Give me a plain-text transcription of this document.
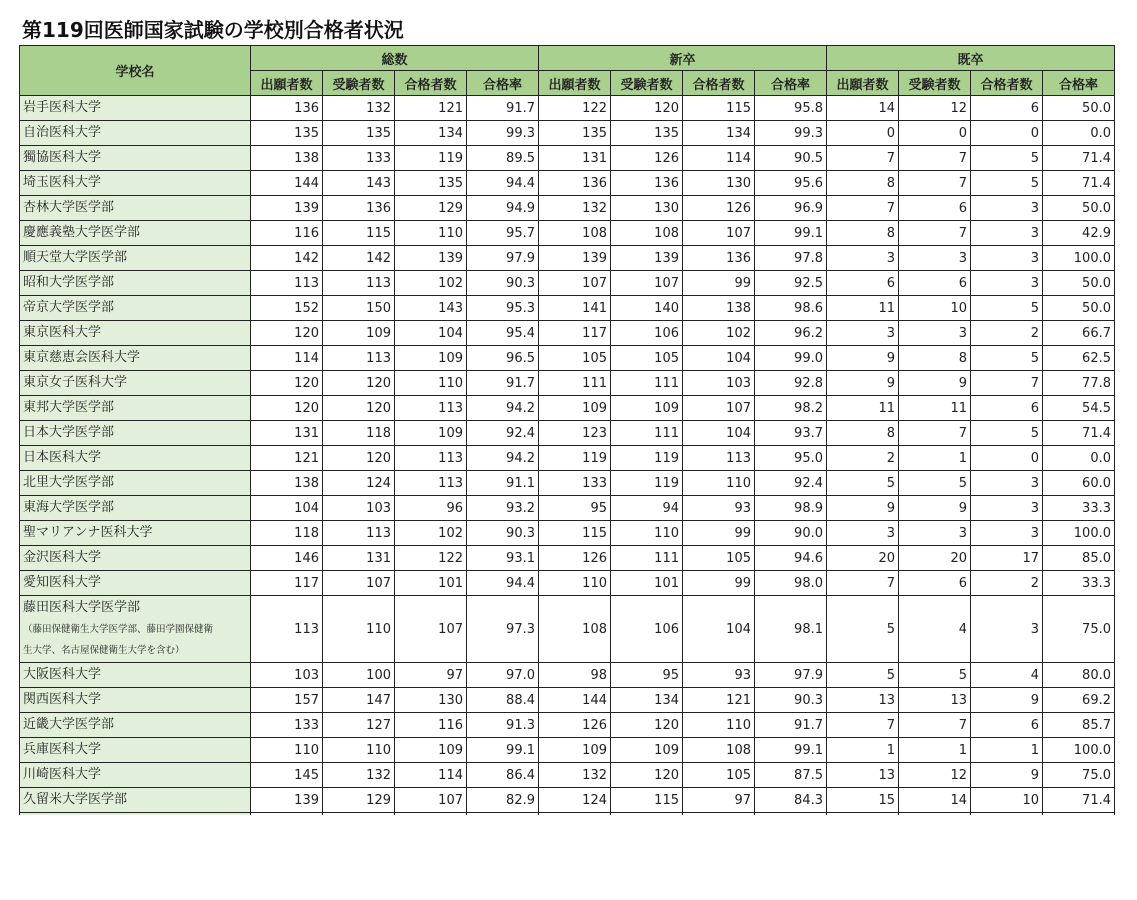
第119回医師国家試験の学校別合格者状況
学校名	総数				新卒				既卒			
	出願者数	受験者数	合格者数	合格率	出願者数	受験者数	合格者数	合格率	出願者数	受験者数	合格者数	合格率

岩手医科大学	136	132	121	91.7	122	120	115	95.8	14	12	6	50.0

自治医科大学	135	135	134	99.3	135	135	134	99.3	0	0	0	0.0

獨協医科大学	138	133	119	89.5	131	126	114	90.5	7	7	5	71.4

埼玉医科大学	144	143	135	94.4	136	136	130	95.6	8	7	5	71.4

杏林大学医学部	139	136	129	94.9	132	130	126	96.9	7	6	3	50.0

慶應義塾大学医学部	116	115	110	95.7	108	108	107	99.1	8	7	3	42.9

順天堂大学医学部	142	142	139	97.9	139	139	136	97.8	3	3	3	100.0

昭和大学医学部	113	113	102	90.3	107	107	99	92.5	6	6	3	50.0

帝京大学医学部	152	150	143	95.3	141	140	138	98.6	11	10	5	50.0

東京医科大学	120	109	104	95.4	117	106	102	96.2	3	3	2	66.7

東京慈恵会医科大学	114	113	109	96.5	105	105	104	99.0	9	8	5	62.5

東京女子医科大学	120	120	110	91.7	111	111	103	92.8	9	9	7	77.8

東邦大学医学部	120	120	113	94.2	109	109	107	98.2	11	11	6	54.5

日本大学医学部	131	118	109	92.4	123	111	104	93.7	8	7	5	71.4

日本医科大学	121	120	113	94.2	119	119	113	95.0	2	1	0	0.0

北里大学医学部	138	124	113	91.1	133	119	110	92.4	5	5	3	60.0

東海大学医学部	104	103	96	93.2	95	94	93	98.9	9	9	3	33.3

聖マリアンナ医科大学	118	113	102	90.3	115	110	99	90.0	3	3	3	100.0

金沢医科大学	146	131	122	93.1	126	111	105	94.6	20	20	17	85.0

愛知医科大学	117	107	101	94.4	110	101	99	98.0	7	6	2	33.3

藤田医科大学医学部
（藤田保健衛生大学医学部、藤田学園保健衛
生大学、名古屋保健衛生大学を含む）	113	110	107	97.3	108	106	104	98.1	5	4	3	75.0

大阪医科大学	103	100	97	97.0	98	95	93	97.9	5	5	4	80.0

関西医科大学	157	147	130	88.4	144	134	121	90.3	13	13	9	69.2

近畿大学医学部	133	127	116	91.3	126	120	110	91.7	7	7	6	85.7

兵庫医科大学	110	110	109	99.1	109	109	108	99.1	1	1	1	100.0

川崎医科大学	145	132	114	86.4	132	120	105	87.5	13	12	9	75.0

久留米大学医学部	139	129	107	82.9	124	115	97	84.3	15	14	10	71.4
